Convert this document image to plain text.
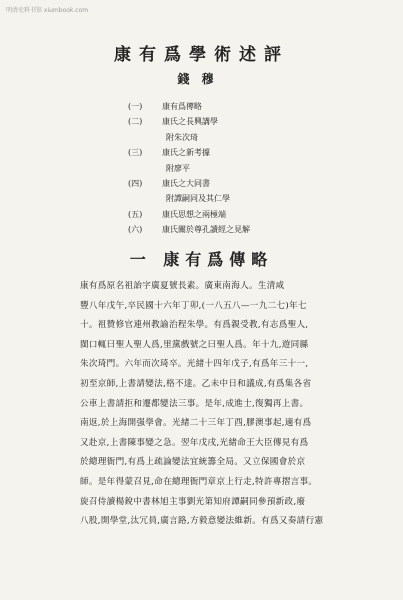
明清史料书馆 xiumbook.com
康有爲學術述評
錢穆
(一)	康有爲傳略
(二)	康氏之長興講學
附朱次琦
(三)	康氏之新考據
附廖平
(四)	康氏之大同書
附譚嗣同及其仁學
(五)	康氏思想之兩極端
(六)	康氏關於尊孔讀經之見解
一 康有爲傳略

康有爲原名祖詒字廣夏號長素。廣東南海人。生清咸

豐八年戊午,卒民國十六年丁卯,(一八五八—一九二七)年七

十。祖贊修官連州教諭治程朱學。有爲親受教,有志爲聖人,

閩口輒曰聖人聖人爲,里黨戲號之曰聖人爲。年十九,遊同縣

朱次琦門。六年而次琦卒。光緒十四年戊子,有爲年三十一,

初至京師,上書請變法,格不達。乙未中日和議成,有爲集各省

公車上書請拒和遷都變法三事。是年,成進士,復獨再上書。

南返,於上海開强學會。光緒二十三年丁酉,膠澳事起,適有爲

又赴京,上書陳事變之急。翌年戊戌,光緒命王大臣傳見有爲

於總理衙門,有爲上疏論變法宜統籌全局。又立保國會於京

師。是年得蒙召見,命在總理衙門章京上行走,特許專摺言事。

旋召侍讀楊銳中書林旭主事劉光第知府譚嗣同參預新政,廢

八股,開學堂,汰冗員,廣言路,方毅意變法維新。有爲又奏請行憲
